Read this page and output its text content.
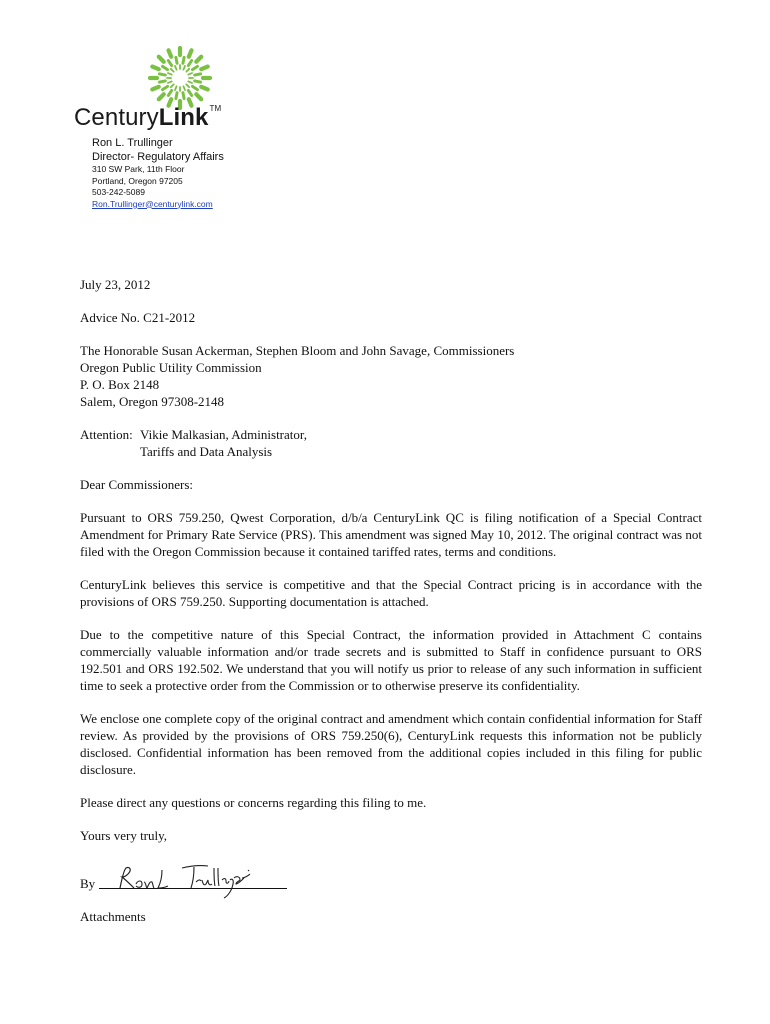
CenturyLink™
Ron L. Trullinger
Director- Regulatory Affairs
310 SW Park, 11th Floor
Portland, Oregon 97205
503-242-5089
Ron.Trullinger@centurylink.com

July 23, 2012

Advice No. C21-2012

The Honorable Susan Ackerman, Stephen Bloom and John Savage, Commissioners

Oregon Public Utility Commission

P. O. Box 2148

Salem, Oregon 97308-2148

Attention: Vikie Malkasian, Administrator,
Tariffs and Data Analysis

Dear Commissioners:

Pursuant to ORS 759.250, Qwest Corporation, d/b/a CenturyLink QC is filing notification of a Special Contract Amendment for Primary Rate Service (PRS). This amendment was signed May 10, 2012. The original contract was not filed with the Oregon Commission because it contained tariffed rates, terms and conditions.

CenturyLink believes this service is competitive and that the Special Contract pricing is in accordance with the provisions of ORS 759.250. Supporting documentation is attached.

Due to the competitive nature of this Special Contract, the information provided in Attachment C contains commercially valuable information and/or trade secrets and is submitted to Staff in confidence pursuant to ORS 192.501 and ORS 192.502. We understand that you will notify us prior to release of any such information in sufficient time to seek a protective order from the Commission or to otherwise preserve its confidentiality.

We enclose one complete copy of the original contract and amendment which contain confidential information for Staff review. As provided by the provisions of ORS 759.250(6), CenturyLink requests this information not be publicly disclosed. Confidential information has been removed from the additional copies included in this filing for public disclosure.

Please direct any questions or concerns regarding this filing to me.

Yours very truly,

By

Attachments
